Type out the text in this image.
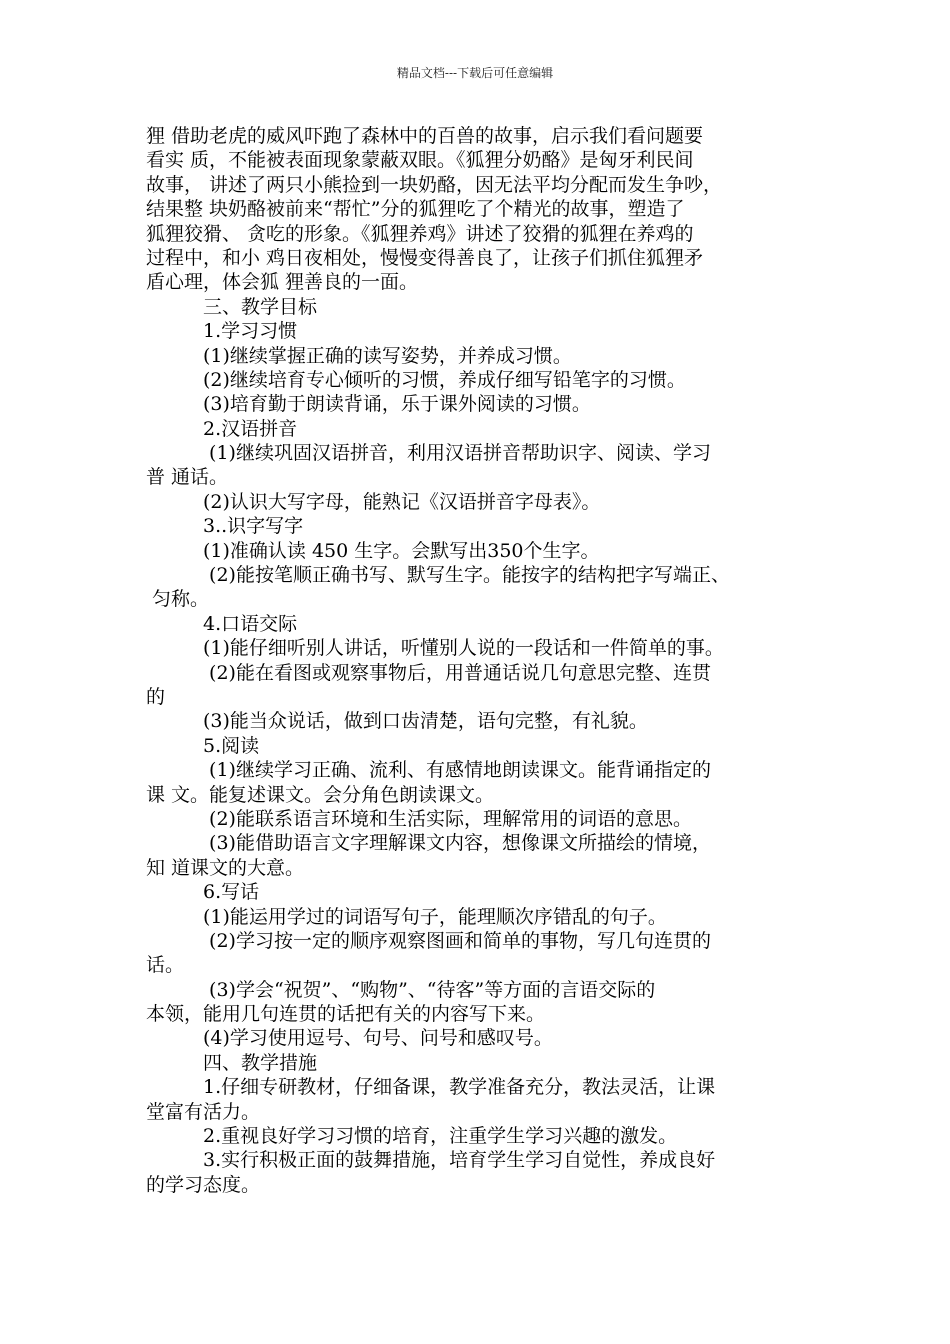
精品文档---下载后可任意编辑
狸 借助老虎的威风吓跑了森林中的百兽的故事，启示我们看问题要
看实 质，不能被表面现象蒙蔽双眼。《狐狸分奶酪》是匈牙利民间
故事， 讲述了两只小熊捡到一块奶酪，因无法平均分配而发生争吵，
结果整 块奶酪被前来“帮忙”分的狐狸吃了个精光的故事，塑造了
狐狸狡猾、 贪吃的形象。《狐狸养鸡》讲述了狡猾的狐狸在养鸡的
过程中，和小 鸡日夜相处，慢慢变得善良了，让孩子们抓住狐狸矛
盾心理，体会狐 狸善良的一面。
三、教学目标
1.学习习惯
(1)继续掌握正确的读写姿势，并养成习惯。
(2)继续培育专心倾听的习惯，养成仔细写铅笔字的习惯。
(3)培育勤于朗读背诵，乐于课外阅读的习惯。
2.汉语拼音
(1)继续巩固汉语拼音，利用汉语拼音帮助识字、阅读、学习
普 通话。
(2)认识大写字母，能熟记《汉语拼音字母表》。
3..识字写字
(1)准确认读 450 生字。会默写出350个生字。
(2)能按笔顺正确书写、默写生字。能按字的结构把字写端正、
匀称。
4.口语交际
(1)能仔细听别人讲话，听懂别人说的一段话和一件简单的事。
(2)能在看图或观察事物后，用普通话说几句意思完整、连贯
的
(3)能当众说话，做到口齿清楚，语句完整，有礼貌。
5.阅读
(1)继续学习正确、流利、有感情地朗读课文。能背诵指定的
课 文。能复述课文。会分角色朗读课文。
(2)能联系语言环境和生活实际，理解常用的词语的意思。
(3)能借助语言文字理解课文内容，想像课文所描绘的情境，
知 道课文的大意。
6.写话
(1)能运用学过的词语写句子，能理顺次序错乱的句子。
(2)学习按一定的顺序观察图画和简单的事物，写几句连贯的
话。
(3)学会“祝贺”、“购物”、“待客”等方面的言语交际的
本领，能用几句连贯的话把有关的内容写下来。
(4)学习使用逗号、句号、问号和感叹号。
四、教学措施
1.仔细专研教材，仔细备课，教学准备充分，教法灵活，让课
堂富有活力。
2.重视良好学习习惯的培育，注重学生学习兴趣的激发。
3.实行积极正面的鼓舞措施，培育学生学习自觉性，养成良好
的学习态度。
